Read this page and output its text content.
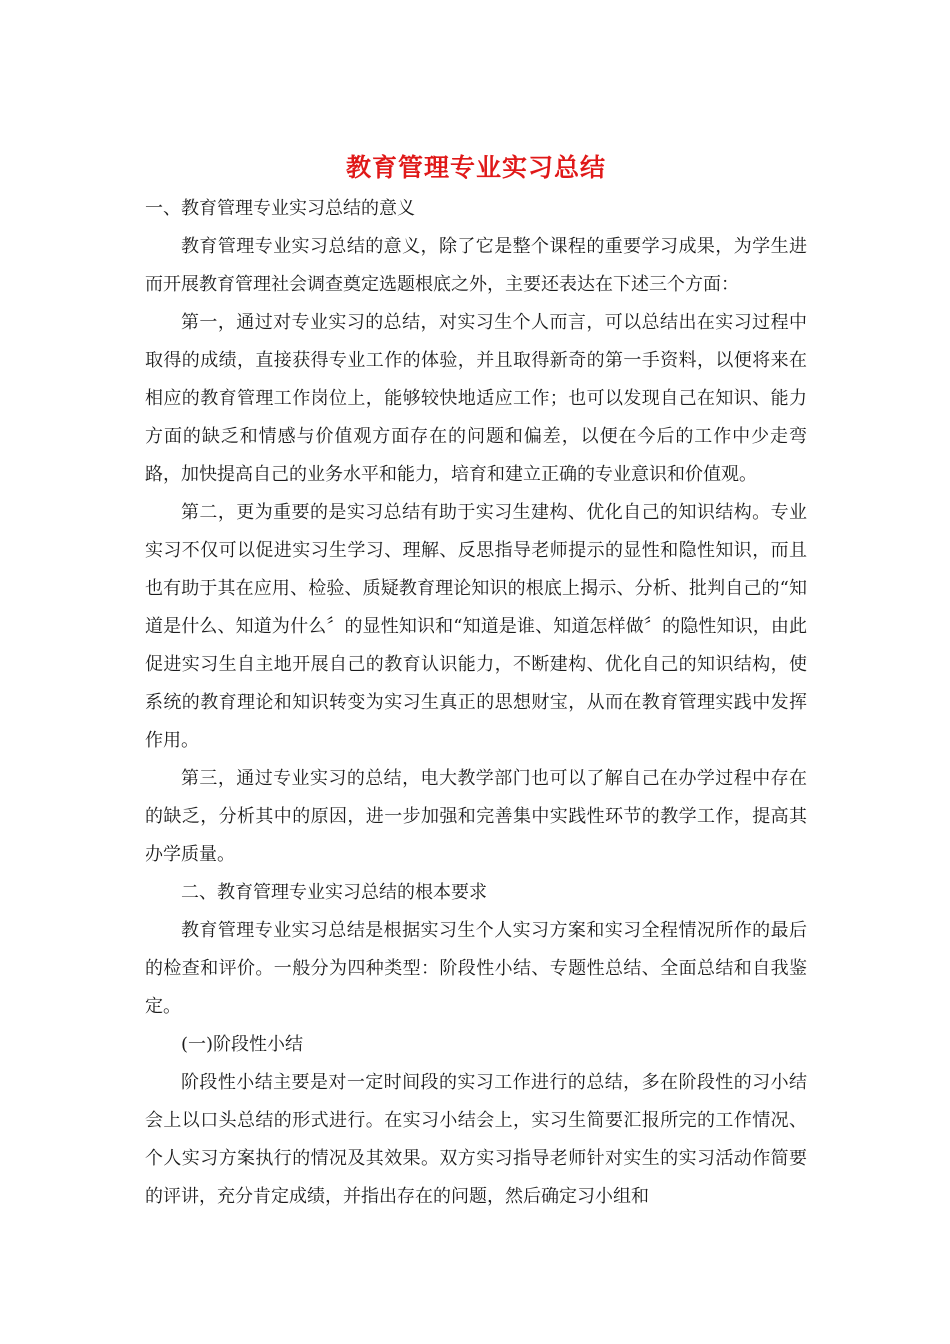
教育管理专业实习总结

一、教育管理专业实习总结的意义

教育管理专业实习总结的意义，除了它是整个课程的重要学习成果，为学生进而开展教育管理社会调查奠定选题根底之外，主要还表达在下述三个方面：

第一，通过对专业实习的总结，对实习生个人而言，可以总结出在实习过程中取得的成绩，直接获得专业工作的体验，并且取得新奇的第一手资料，以便将来在相应的教育管理工作岗位上，能够较快地适应工作；也可以发现自己在知识、能力方面的缺乏和情感与价值观方面存在的问题和偏差，以便在今后的工作中少走弯路，加快提高自己的业务水平和能力，培育和建立正确的专业意识和价值观。

第二，更为重要的是实习总结有助于实习生建构、优化自己的知识结构。专业实习不仅可以促进实习生学习、理解、反思指导老师提示的显性和隐性知识，而且也有助于其在应用、检验、质疑教育理论知识的根底上揭示、分析、批判自己的“知道是什么、知道为什么〞的显性知识和“知道是谁、知道怎样做〞的隐性知识，由此促进实习生自主地开展自己的教育认识能力，不断建构、优化自己的知识结构，使系统的教育理论和知识转变为实习生真正的思想财宝，从而在教育管理实践中发挥作用。

第三，通过专业实习的总结，电大教学部门也可以了解自己在办学过程中存在的缺乏，分析其中的原因，进一步加强和完善集中实践性环节的教学工作，提高其办学质量。

二、教育管理专业实习总结的根本要求

教育管理专业实习总结是根据实习生个人实习方案和实习全程情况所作的最后的检查和评价。一般分为四种类型：阶段性小结、专题性总结、全面总结和自我鉴定。

(一)阶段性小结

阶段性小结主要是对一定时间段的实习工作进行的总结，多在阶段性的习小结会上以口头总结的形式进行。在实习小结会上，实习生简要汇报所完的工作情况、个人实习方案执行的情况及其效果。双方实习指导老师针对实生的实习活动作简要的评讲，充分肯定成绩，并指出存在的问题，然后确定习小组和
